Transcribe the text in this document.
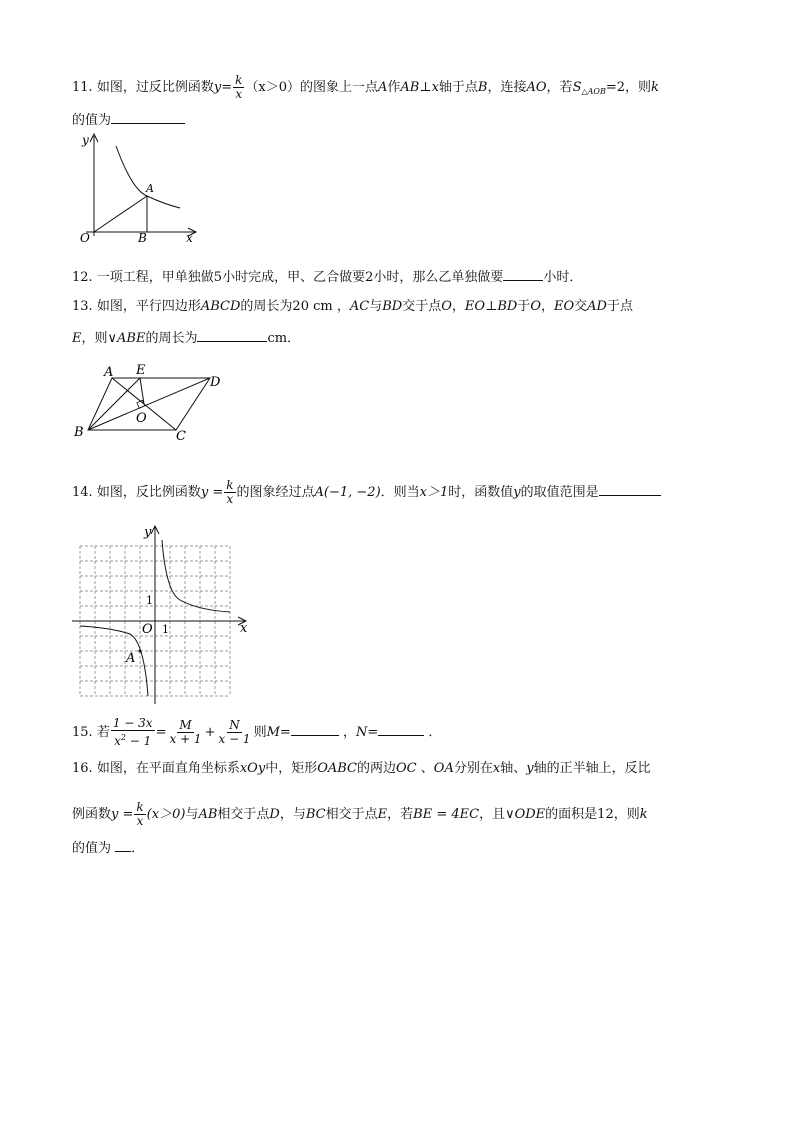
11. 如图，过反比例函数$y= \frac{k}{x} (x>0)$的图象上一点A作AB⊥x轴于点B，连接AO，若$S_{\triangle AOB}=2$，则k
的值为
y
A
O	B	x
12. 一项工程，甲单独做5小时完成，甲、乙合做要2小时，那么乙单独做要	小时．
13. 如图，平行四边形ABCD的周长为20 cm ，AC与BD交于点O，EO⊥BD于O，EO交AD于点
E，则∨ABE的周长为	cm．
A E
D
O
B	C
14. 如图，反比例函数$y = \frac{k}{x}$ 的图象经过点A(−1, −2)．则当x＞1时，函数值y的取值范围是
y
x
O
1
1
A
15. 若 $\frac{1 - 3x}{x^2 - 1} = \frac{M}{x + 1} + \frac{N}{x - 1}$ 则M=	，N=	．
16. 如图，在平面直角坐标系xOy中，矩形OABC的两边OC 、OA分别在x轴、y轴的正半轴上，反比
例函数$y = \frac{k}{x} (x>0)$与AB相交于点D，与BC相交于点E，若BE = 4EC，且∨ODE的面积是12，则k
的值为 ．
